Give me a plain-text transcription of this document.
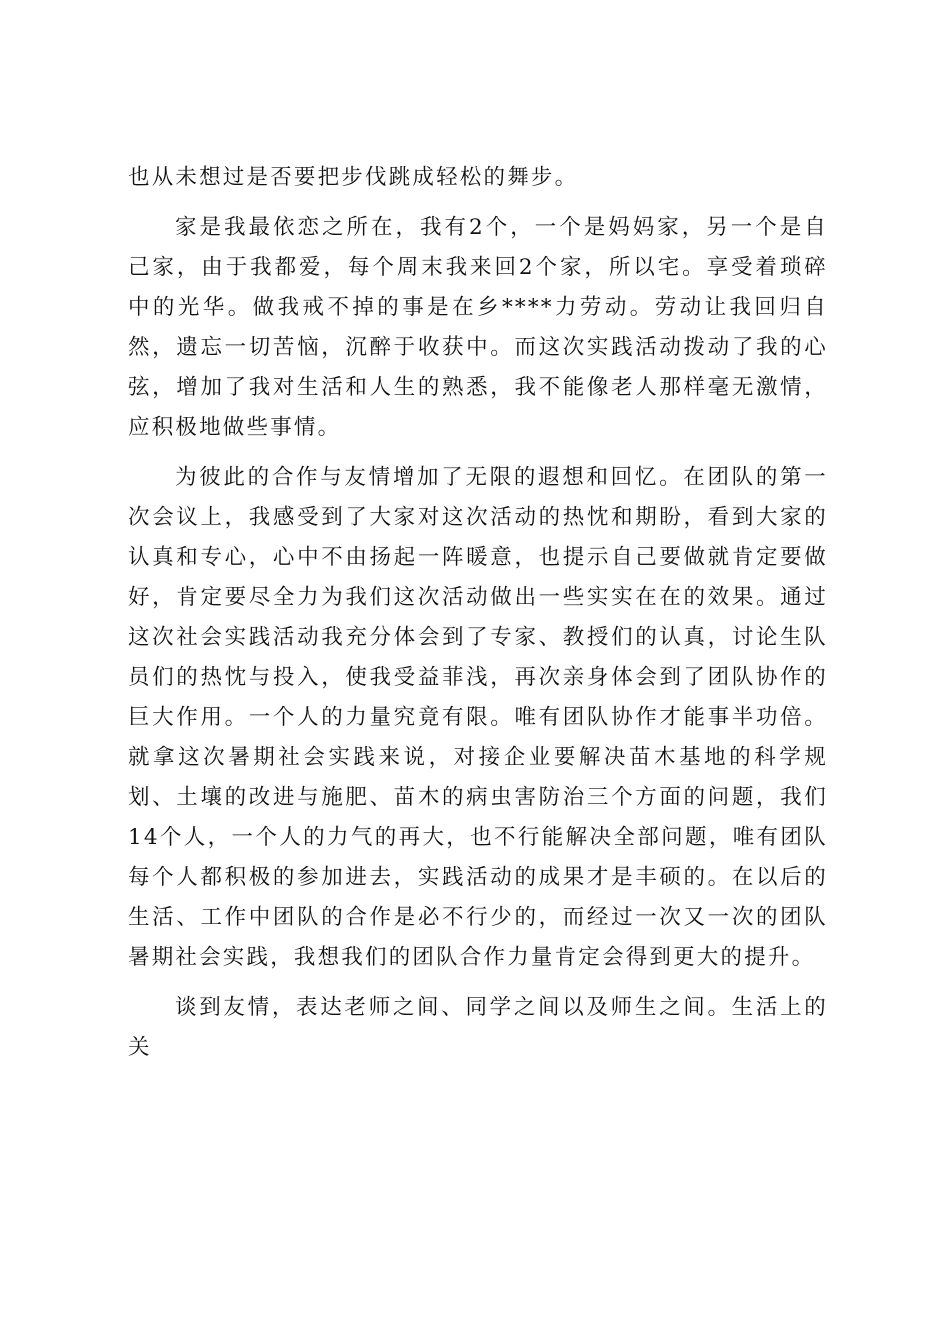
也从未想过是否要把步伐跳成轻松的舞步。

家是我最依恋之所在，我有2个，一个是妈妈家，另一个是自己家，由于我都爱，每个周末我来回2个家，所以宅。享受着琐碎中的光华。做我戒不掉的事是在乡****力劳动。劳动让我回归自然，遗忘一切苦恼，沉醉于收获中。而这次实践活动拨动了我的心弦，增加了我对生活和人生的熟悉，我不能像老人那样毫无激情，应积极地做些事情。

为彼此的合作与友情增加了无限的遐想和回忆。在团队的第一次会议上，我感受到了大家对这次活动的热忱和期盼，看到大家的认真和专心，心中不由扬起一阵暖意，也提示自己要做就肯定要做好，肯定要尽全力为我们这次活动做出一些实实在在的效果。通过这次社会实践活动我充分体会到了专家、教授们的认真，讨论生队员们的热忱与投入，使我受益菲浅，再次亲身体会到了团队协作的巨大作用。一个人的力量究竟有限。唯有团队协作才能事半功倍。就拿这次暑期社会实践来说，对接企业要解决苗木基地的科学规划、土壤的改进与施肥、苗木的病虫害防治三个方面的问题，我们14个人，一个人的力气的再大，也不行能解决全部问题，唯有团队每个人都积极的参加进去，实践活动的成果才是丰硕的。在以后的生活、工作中团队的合作是必不行少的，而经过一次又一次的团队暑期社会实践，我想我们的团队合作力量肯定会得到更大的提升。

谈到友情，表达老师之间、同学之间以及师生之间。生活上的关
